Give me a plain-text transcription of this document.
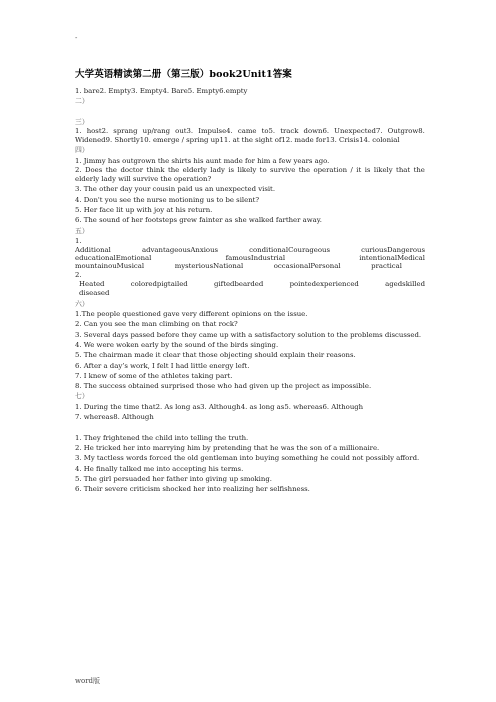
-
大学英语精读第二册（第三版）book2Unit1答案
1. bare2. Empty3. Empty4. Bare5. Empty6.empty
二）
三）
1. host2. sprang up/rang out3. Impulse4. came to5. track down6. Unexpected7. Outgrow8.
Widened9. Shortly10. emerge / spring up11. at the sight of12. made for13. Crisis14. colonial
四）
1. Jimmy has outgrown the shirts his aunt made for him a few years ago.
2. Does the doctor think the elderly lady is likely to survive the operation / it is likely that the
elderly lady will survive the operation?
3. The other day your cousin paid us an unexpected visit.
4. Don't you see the nurse motioning us to be silent?
5. Her face lit up with joy at his return.
6. The sound of her footsteps grew fainter as she walked farther away.
五）
1.
Additional	advantageousAnxious	conditionalCourageous	curiousDangerous
educationalEmotional	famousIndustrial	intentionalMedical
mountainouMusical	mysteriousNational	occasionalPersonal	practical
2.
Heated	coloredpigtailed	giftedbearded	pointedexperienced	agedskilled
diseased
六）
1.The people questioned gave very different opinions on the issue.
2. Can you see the man climbing on that rock?
3. Several days passed before they came up with a satisfactory solution to the problems discussed.
4. We were woken early by the sound of the birds singing.
5. The chairman made it clear that those objecting should explain their reasons.
6. After a day’s work, I felt I had little energy left.
7. I knew of some of the athletes taking part.
8. The success obtained surprised those who had given up the project as impossible.
七）
1. During the time that2. As long as3. Although4. as long as5. whereas6. Although
7. whereas8. Although
1. They frightened the child into telling the truth.
2. He tricked her into marrying him by pretending that he was the son of a millionaire.
3. My tactless words forced the old gentleman into buying something he could not possibly afford.
4. He finally talked me into accepting his terms.
5. The girl persuaded her father into giving up smoking.
6. Their severe criticism shocked her into realizing her selfishness.
word版
